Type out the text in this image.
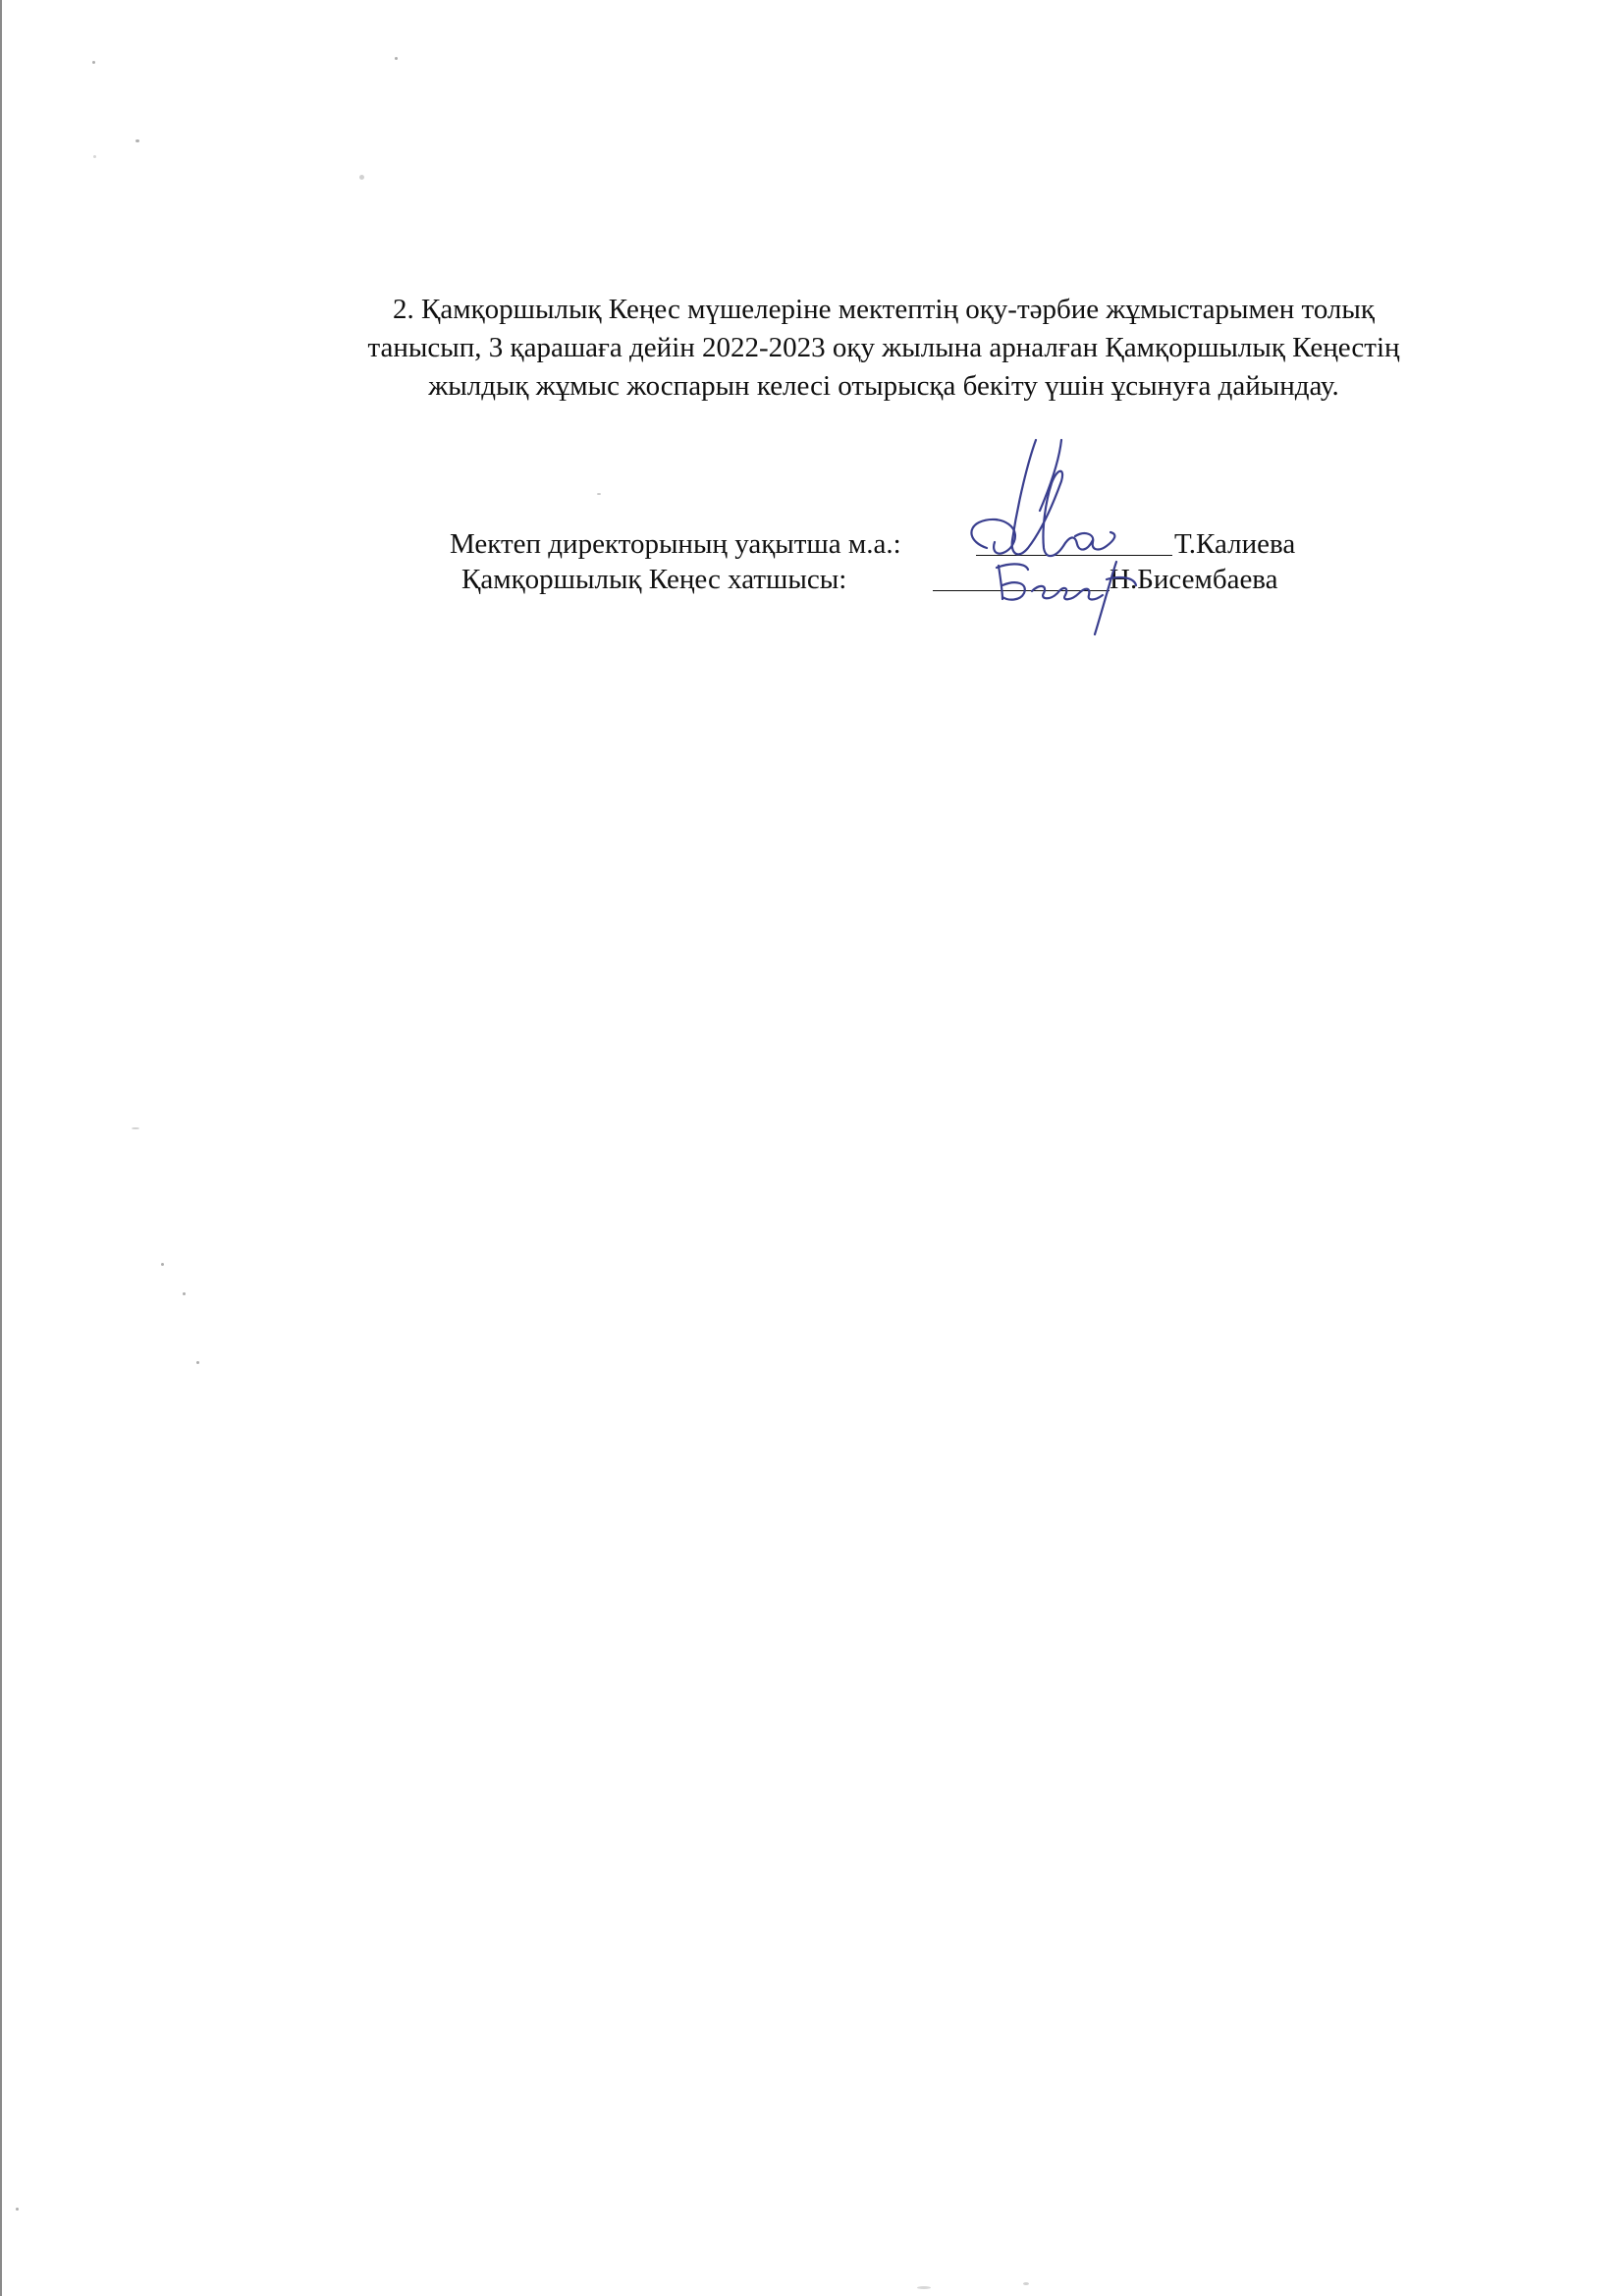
2. Қамқоршылық Кеңес мүшелеріне мектептің оқу-тәрбие жұмыстарымен толық
танысып, 3 қарашаға дейін 2022-2023 оқу жылына арналған Қамқоршылық Кеңестің
жылдық жұмыс жоспарын келесі отырысқа бекіту үшін ұсынуға дайындау.
Мектеп директорының уақытша м.а.:	Т.Калиева
Қамқоршылық Кеңес хатшысы:	Н.Бисембаева
